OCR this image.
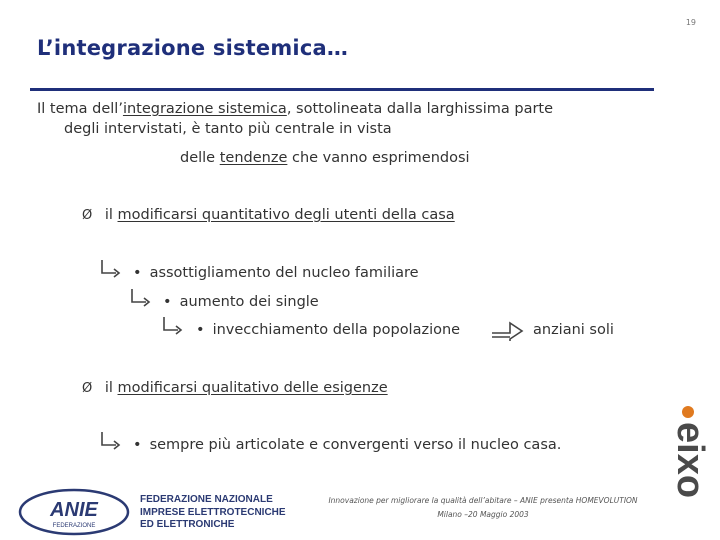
19
L’integrazione sistemica…
Il tema dell’integrazione sistemica, sottolineata dalla larghissima parte
degli intervistati, è tanto più centrale in vista
delle tendenze che vanno esprimendosi
Ø il modificarsi quantitativo degli utenti della casa
• assottigliamento del nucleo familiare
• aumento dei single
• invecchiamento della popolazione	anziani soli
Ø il modificarsi qualitativo delle esigenze
• sempre più articolate e convergenti verso il nucleo casa.
ANIE
FEDERAZIONE
FEDERAZIONE NAZIONALE
IMPRESE ELETTROTECNICHE
ED ELETTRONICHE
Innovazione per migliorare la qualità dell’abitare – ANIE presenta HOMEVOLUTION
Milano –20 Maggio 2003
eixo
